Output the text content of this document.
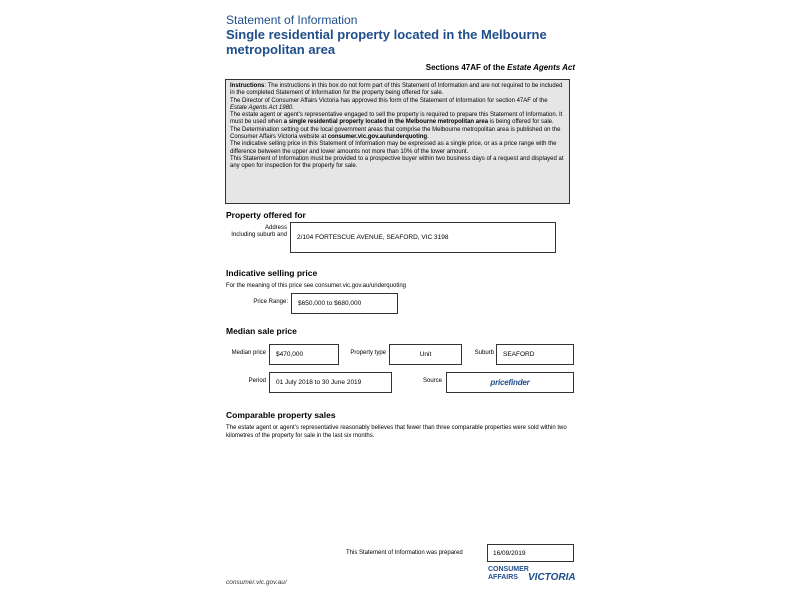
Statement of Information
Single residential property located in the Melbourne metropolitan area
Sections 47AF of the Estate Agents Act

Instructions: The instructions in this box do not form part of this Statement of Information and are not required to be included in the completed Statement of Information for the property being offered for sale.

The Director of Consumer Affairs Victoria has approved this form of the Statement of Information for section 47AF of the Estate Agents Act 1980.

The estate agent or agent's representative engaged to sell the property is required to prepare this Statement of Information. It must be used when a single residential property located in the Melbourne metropolitan area is being offered for sale. The Determination setting out the local government areas that comprise the Melbourne metropolitan area is published on the Consumer Affairs Victoria website at consumer.vic.gov.au/underquoting.

The indicative selling price in this Statement of Information may be expressed as a single price, or as a price range with the difference between the upper and lower amounts not more than 10% of the lower amount.

This Statement of Information must be provided to a prospective buyer within two business days of a request and displayed at any open for inspection for the property for sale.

Property offered for
Address
Including suburb and 2/104 FORTESCUE AVENUE, SEAFORD, VIC 3198
Indicative selling price
For the meaning of this price see consumer.vic.gov.au/underquoting
Price Range: $650,000 to $680,000
Median sale price
Median price $470,000	Property type	Unit	Suburb SEAFORD
Period 01 July 2018 to 30 June 2019	Source	pricefinder
Comparable property sales
The estate agent or agent's representative reasonably believes that fewer than three comparable properties were sold within two kilometres of the property for sale in the last six months.
This Statement of Information was prepared	16/09/2019
consumer.vic.gov.au/
CONSUMER
AFFAIRS VICTORIA
